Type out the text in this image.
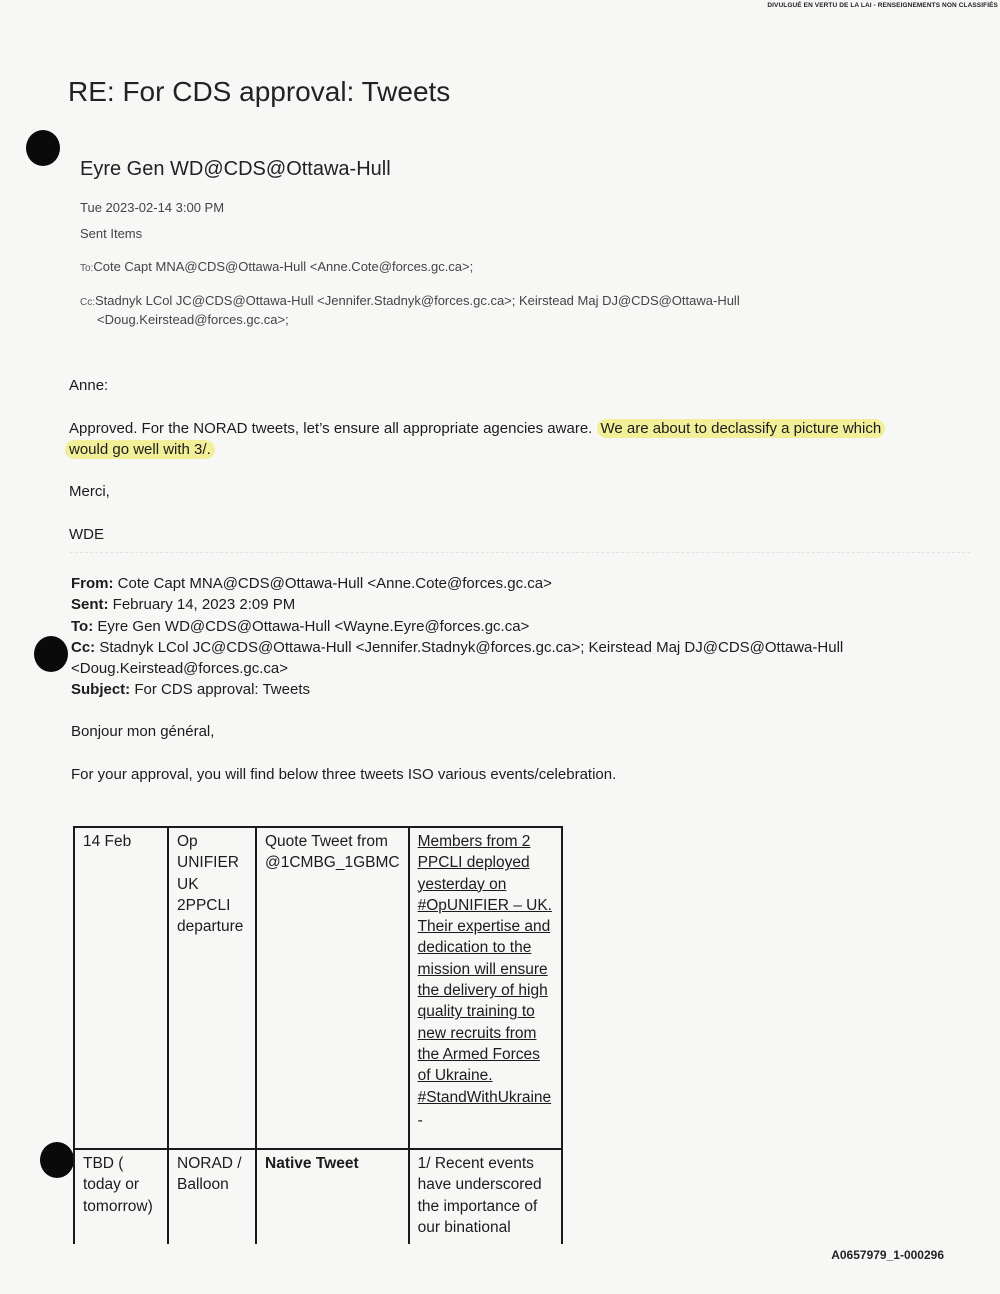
DIVULGUÉ EN VERTU DE LA LAI - RENSEIGNEMENTS NON CLASSIFIÉS
RE: For CDS approval: Tweets
Eyre Gen WD@CDS@Ottawa-Hull
Tue 2023-02-14 3:00 PM
Sent Items
To:Cote Capt MNA@CDS@Ottawa-Hull <Anne.Cote@forces.gc.ca>;
Cc:Stadnyk LCol JC@CDS@Ottawa-Hull <Jennifer.Stadnyk@forces.gc.ca>; Keirstead Maj DJ@CDS@Ottawa-Hull
<Doug.Keirstead@forces.gc.ca>;
Anne:
Approved. For the NORAD tweets, let’s ensure all appropriate agencies aware. We are about to declassify a picture which
would go well with 3/.
Merci,
WDE
From: Cote Capt MNA@CDS@Ottawa-Hull <Anne.Cote@forces.gc.ca>
Sent: February 14, 2023 2:09 PM
To: Eyre Gen WD@CDS@Ottawa-Hull <Wayne.Eyre@forces.gc.ca>
Cc: Stadnyk LCol JC@CDS@Ottawa-Hull <Jennifer.Stadnyk@forces.gc.ca>; Keirstead Maj DJ@CDS@Ottawa-Hull
<Doug.Keirstead@forces.gc.ca>
Subject: For CDS approval: Tweets
Bonjour mon général,
For your approval, you will find below three tweets ISO various events/celebration.
14 Feb	Op UNIFIER UK 2PPCLI departure	Quote Tweet from @1CMBG_1GBMC	Members from 2 PPCLI deployed yesterday on #OpUNIFIER – UK. Their expertise and dedication to the mission will ensure the delivery of high quality training to new recruits from the Armed Forces of Ukraine. #StandWithUkraine
-

TBD ( today or tomorrow)	NORAD / Balloon	Native Tweet	1/ Recent events have underscored the importance of our binational
A0657979_1-000296
